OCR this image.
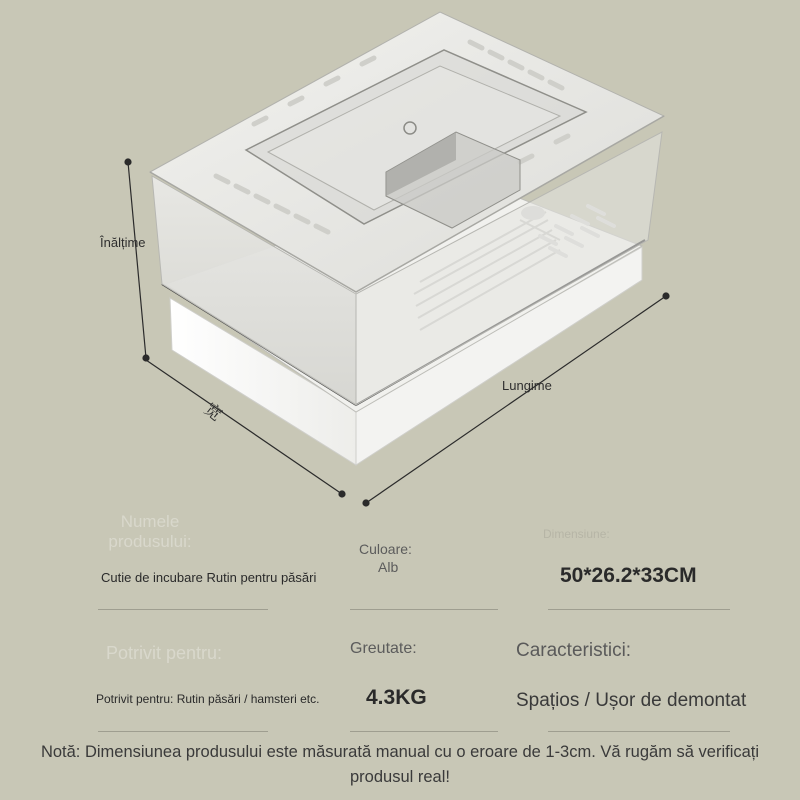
Înălțime
宽
Lungime
Numele produsului:
Cutie de incubare Rutin pentru păsări
Culoare:
Alb
Dimensiune:
50*26.2*33CM
Potrivit pentru:
Potrivit pentru: Rutin păsări / hamsteri etc.
Greutate:
4.3KG
Caracteristici:
Spațios / Ușor de demontat
Notă: Dimensiunea produsului este măsurată manual cu o eroare de 1-3cm. Vă rugăm să verificați produsul real!
